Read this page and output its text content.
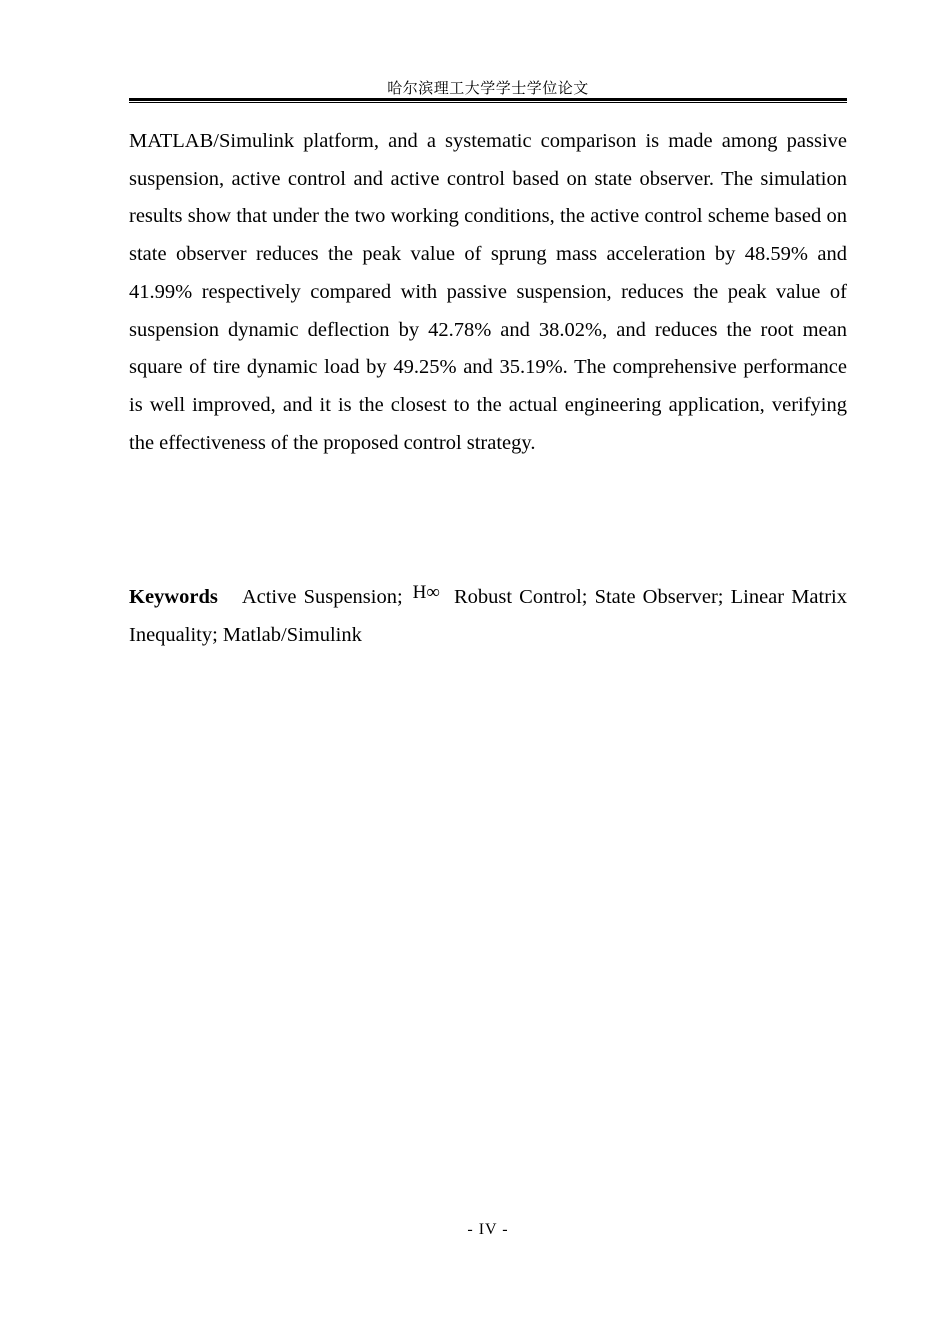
哈尔滨理工大学学士学位论文

MATLAB/Simulink platform, and a systematic comparison is made among passive suspension, active control and active control based on state observer. The simulation results show that under the two working conditions, the active control scheme based on state observer reduces the peak value of sprung mass acceleration by 48.59% and 41.99% respectively compared with passive suspension, reduces the peak value of suspension dynamic deflection by 42.78% and 38.02%, and reduces the root mean square of tire dynamic load by 49.25% and 35.19%. The comprehensive performance is well improved, and it is the closest to the actual engineering application, verifying the effectiveness of the proposed control strategy.

Keywords Active Suspension; H∞ Robust Control; State Observer; Linear Matrix Inequality; Matlab/Simulink

- IV -
